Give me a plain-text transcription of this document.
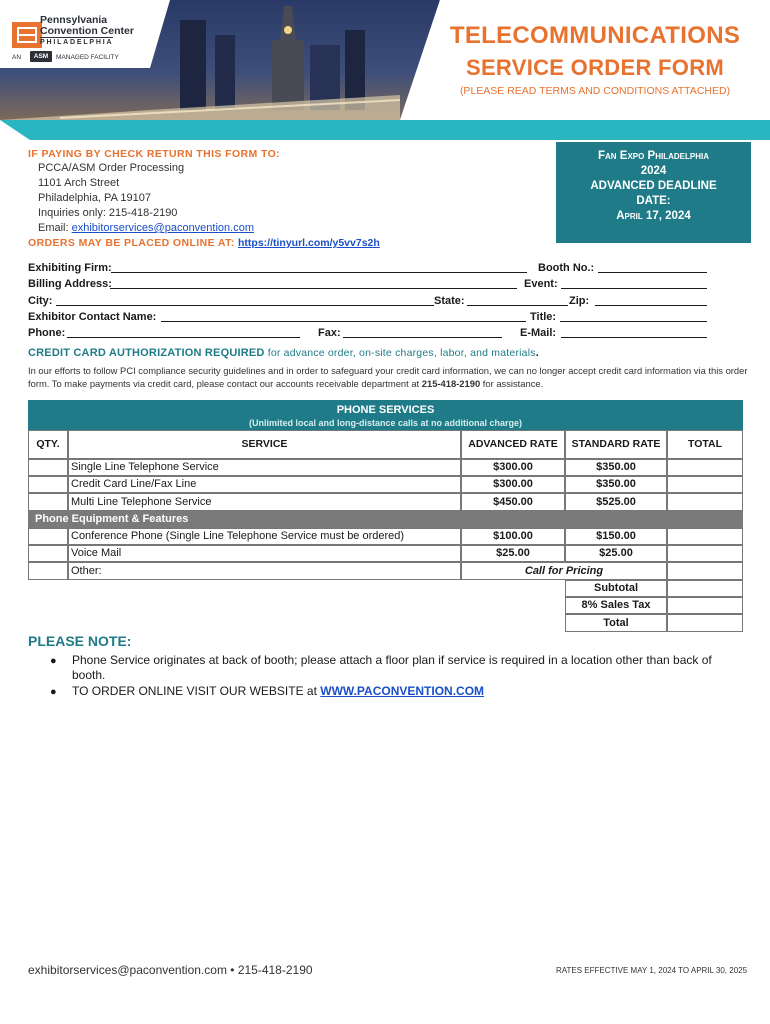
Pennsylvania
Convention Center
PHILADELPHIA
AN	ASM	MANAGED FACILITY
TELECOMMUNICATIONS
SERVICE ORDER FORM
(PLEASE READ TERMS AND CONDITIONS ATTACHED)
IF PAYING BY CHECK RETURN THIS FORM TO:
PCCA/ASM Order Processing
1101 Arch Street
Philadelphia, PA 19107
Inquiries only: 215-418-2190
Email: exhibitorservices@paconvention.com
ORDERS MAY BE PLACED ONLINE AT: https://tinyurl.com/y5vv7s2h
Fan Expo Philadelphia
2024
ADVANCED DEADLINE
DATE:
April 17, 2024
Exhibiting Firm:	Booth No.:
Billing Address:	Event:
City:	State:	Zip:
Exhibitor Contact Name:	Title:
Phone:	Fax:	E-Mail:
CREDIT CARD AUTHORIZATION REQUIRED for advance order, on-site charges, labor, and materials.
In our efforts to follow PCI compliance security guidelines and in order to safeguard your credit card information, we can no longer accept credit card information via this order form. To make payments via credit card, please contact our accounts receivable department at 215-418-2190 for assistance.
PHONE SERVICES
(Unlimited local and long-distance calls at no additional charge)
QTY.	SERVICE	ADVANCED RATE	STANDARD RATE	TOTAL
Single Line Telephone Service	$300.00	$350.00
Credit Card Line/Fax Line	$300.00	$350.00
Multi Line Telephone Service	$450.00	$525.00
Phone Equipment & Features
Conference Phone (Single Line Telephone Service must be ordered)	$100.00	$150.00
Voice Mail	$25.00	$25.00
Other:	Call for Pricing
Subtotal
8% Sales Tax
Total
PLEASE NOTE:
● Phone Service originates at back of booth; please attach a floor plan if service is required in a location other than back of booth.
● TO ORDER ONLINE VISIT OUR WEBSITE at WWW.PACONVENTION.COM
exhibitorservices@paconvention.com • 215-418-2190	RATES EFFECTIVE MAY 1, 2024 TO APRIL 30, 2025
